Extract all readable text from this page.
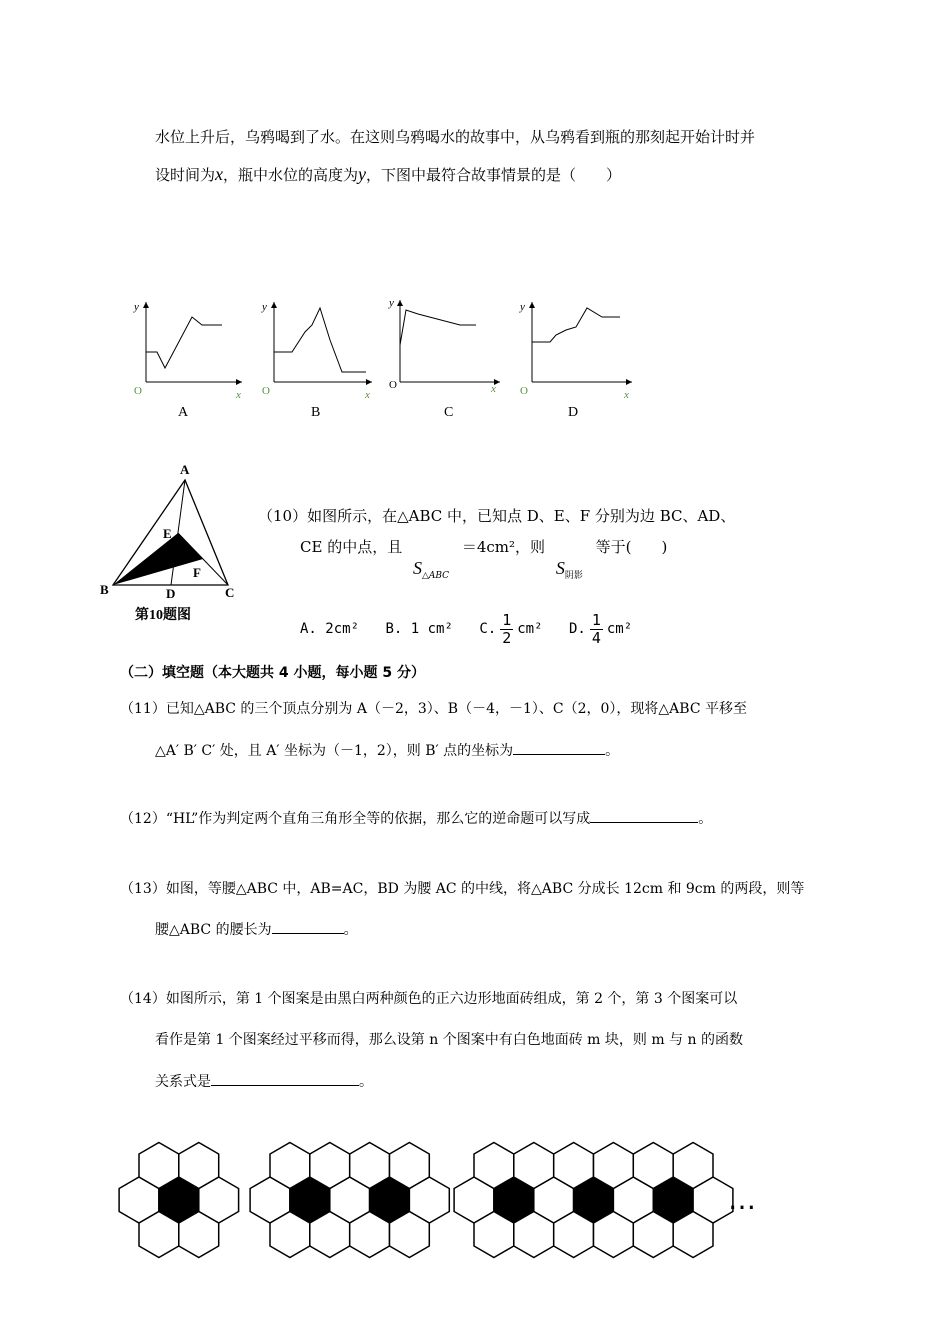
水位上升后，乌鸦喝到了水。在这则乌鸦喝水的故事中，从乌鸦看到瓶的那刻起开始计时并
设时间为x，瓶中水位的高度为y，下图中最符合故事情景的是（　　）
y
x
O
y
x
O
y
x
O
y
x
O
A	B	C	D
A
B	C
D
E
F
第10题图
（10）如图所示，在△ABC 中，已知点 D、E、F 分别为边 BC、AD、
CE 的中点，且 $S_{\triangle ABC} =4cm^2$，则 $S_{阴影}$ 等于(　　)
A. 2cm² B. 1 cm² C. $\frac{1}{2} cm^2$ D. $\frac{1}{4} cm^2$
（二）填空题（本大题共 4 小题，每小题 5 分）
（11）已知△ABC 的三个顶点分别为 A（－2，3）、B（－4，－1）、C（2，0），现将△ABC 平移至
△A′ B′ C′ 处，且 A′ 坐标为（－1，2），则 B′ 点的坐标为	。
（12）“HL”作为判定两个直角三角形全等的依据，那么它的逆命题可以写成	。
（13）如图，等腰△ABC 中，AB=AC，BD 为腰 AC 的中线，将△ABC 分成长 12cm 和 9cm 的两段，则等
腰△ABC 的腰长为	。
（14）如图所示，第 1 个图案是由黑白两种颜色的正六边形地面砖组成，第 2 个，第 3 个图案可以
看作是第 1 个图案经过平移而得，那么设第 n 个图案中有白色地面砖 m 块，则 m 与 n 的函数
关系式是	。
…
